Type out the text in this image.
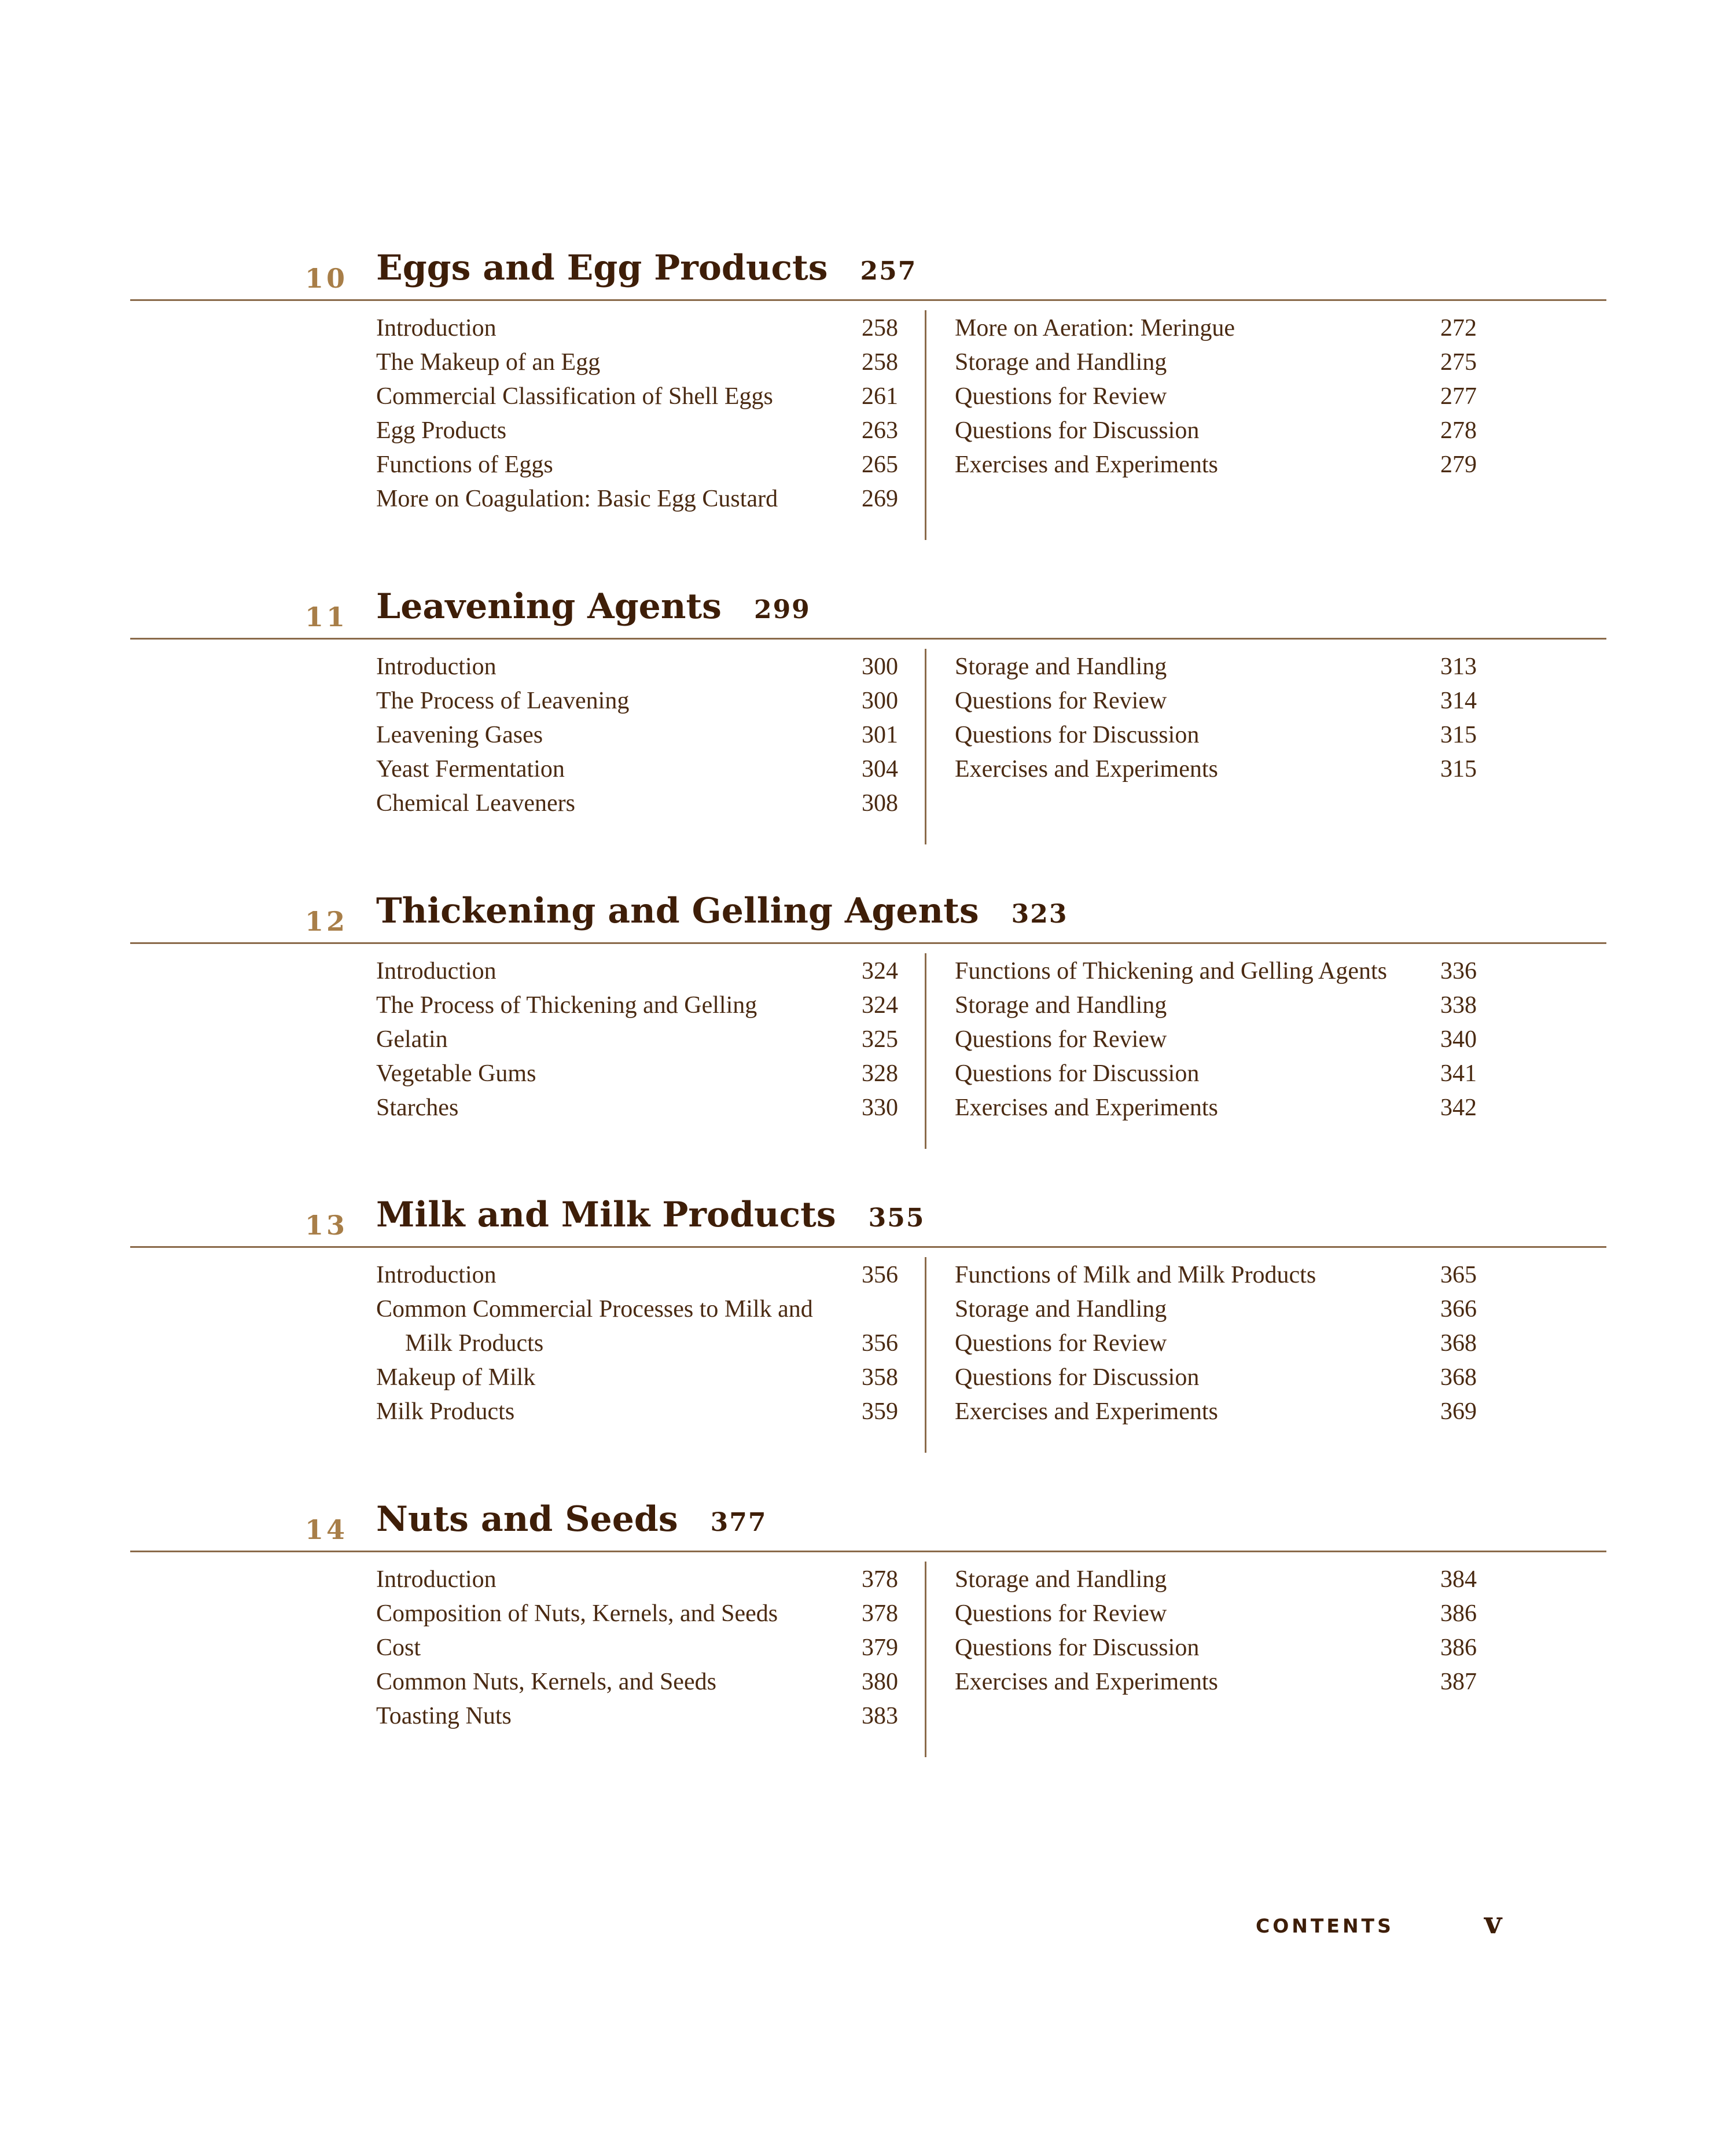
10 Eggs and Egg Products 257
Introduction	258
The Makeup of an Egg	258
Commercial Classification of Shell Eggs	261
Egg Products	263
Functions of Eggs	265
More on Coagulation: Basic Egg Custard	269
More on Aeration: Meringue	272
Storage and Handling	275
Questions for Review	277
Questions for Discussion	278
Exercises and Experiments	279
11 Leavening Agents 299
Introduction	300
The Process of Leavening	300
Leavening Gases	301
Yeast Fermentation	304
Chemical Leaveners	308
Storage and Handling	313
Questions for Review	314
Questions for Discussion	315
Exercises and Experiments	315
12 Thickening and Gelling Agents 323
Introduction	324
The Process of Thickening and Gelling	324
Gelatin	325
Vegetable Gums	328
Starches	330
Functions of Thickening and Gelling Agents 336
Storage and Handling	338
Questions for Review	340
Questions for Discussion	341
Exercises and Experiments	342
13 Milk and Milk Products 355
Introduction	356
Common Commercial Processes to Milk and Milk Products	356
Makeup of Milk	358
Milk Products	359
Functions of Milk and Milk Products	365
Storage and Handling	366
Questions for Review	368
Questions for Discussion	368
Exercises and Experiments	369
14 Nuts and Seeds 377
Introduction	378
Composition of Nuts, Kernels, and Seeds	378
Cost	379
Common Nuts, Kernels, and Seeds	380
Toasting Nuts	383
Storage and Handling	384
Questions for Review	386
Questions for Discussion	386
Exercises and Experiments	387
CONTENTS	v
